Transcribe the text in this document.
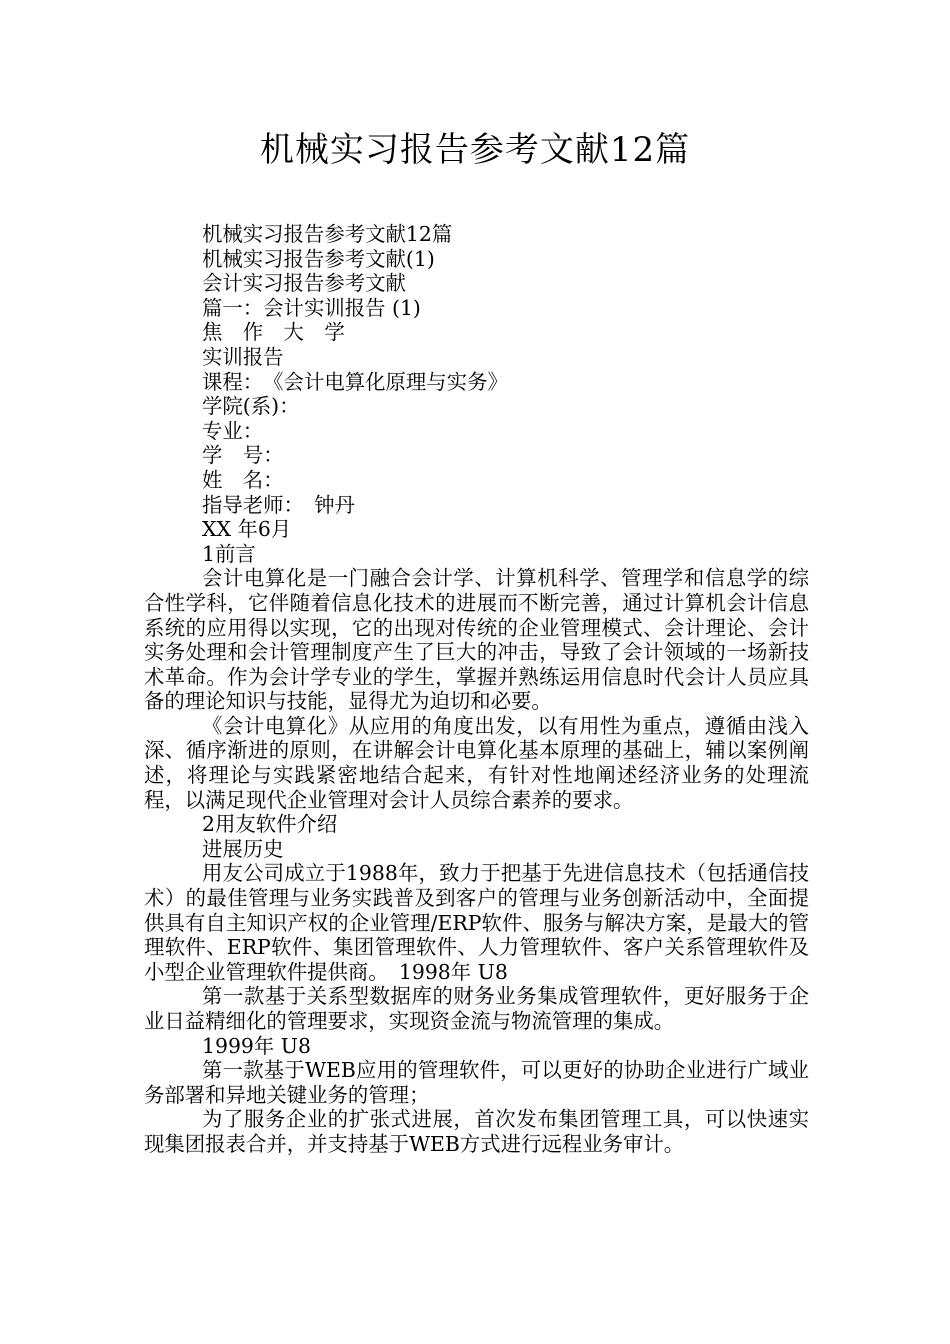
机械实习报告参考文献12篇

机械实习报告参考文献12篇

机械实习报告参考文献(1)

会计实习报告参考文献

篇一：会计实训报告 (1)

焦　作　大　学

实训报告

课程：　《会计电算化原理与实务》

学院(系)：

专业：

学　号：

姓　名：

指导老师：　钟丹

XX 年6月

1前言

会计电算化是一门融合会计学、计算机科学、管理学和信息学的综合性学科，它伴随着信息化技术的进展而不断完善，通过计算机会计信息系统的应用得以实现，它的出现对传统的企业管理模式、会计理论、会计实务处理和会计管理制度产生了巨大的冲击，导致了会计领域的一场新技术革命。作为会计学专业的学生，掌握并熟练运用信息时代会计人员应具备的理论知识与技能，显得尤为迫切和必要。

《会计电算化》从应用的角度出发，以有用性为重点，遵循由浅入深、循序渐进的原则，在讲解会计电算化基本原理的基础上，辅以案例阐述，将理论与实践紧密地结合起来，有针对性地阐述经济业务的处理流程，以满足现代企业管理对会计人员综合素养的要求。

2用友软件介绍

进展历史

用友公司成立于1988年，致力于把基于先进信息技术（包括通信技术）的最佳管理与业务实践普及到客户的管理与业务创新活动中，全面提供具有自主知识产权的企业管理/ERP软件、服务与解决方案，是最大的管理软件、ERP软件、集团管理软件、人力管理软件、客户关系管理软件及小型企业管理软件提供商。　1998年 U8

第一款基于关系型数据库的财务业务集成管理软件，更好服务于企业日益精细化的管理要求，实现资金流与物流管理的集成。

1999年 U8

第一款基于WEB应用的管理软件，可以更好的协助企业进行广域业务部署和异地关键业务的管理；

为了服务企业的扩张式进展，首次发布集团管理工具，可以快速实现集团报表合并，并支持基于WEB方式进行远程业务审计。
